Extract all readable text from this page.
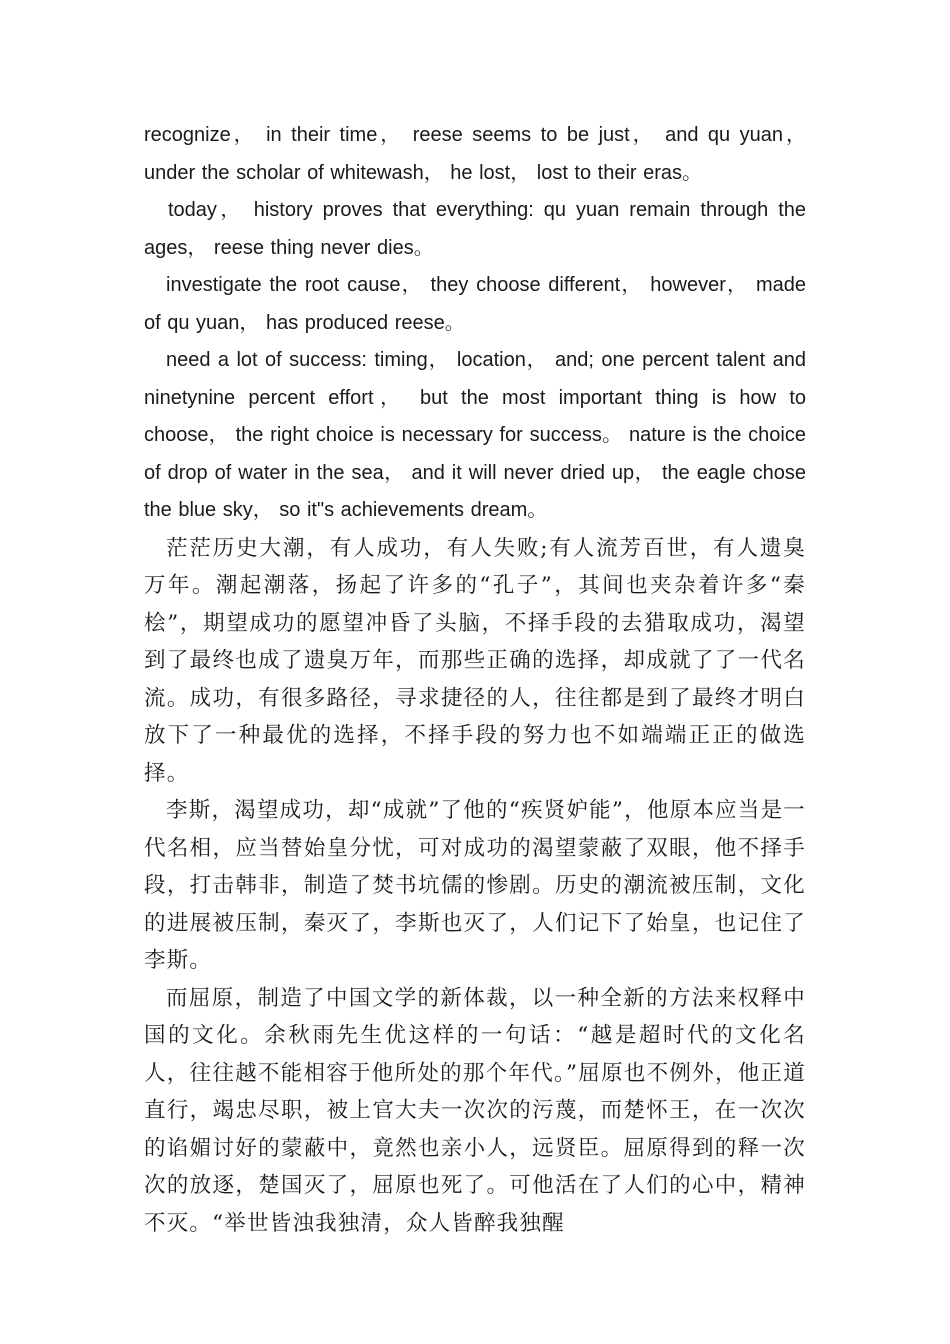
recognize， in their time， reese seems to be just， and qu yuan， under the scholar of whitewash， he lost， lost to their eras。

today， history proves that everything: qu yuan remain through the ages， reese thing never dies。

investigate the root cause， they choose different， however， made of qu yuan， has produced reese。

need a lot of success: timing， location， and; one percent talent and ninetynine percent effort， but the most important thing is how to choose， the right choice is necessary for success。 nature is the choice of drop of water in the sea， and it will never dried up， the eagle chose the blue sky， so it"s achievements dream。

茫茫历史大潮，有人成功，有人失败;有人流芳百世，有人遗臭万年。潮起潮落，扬起了许多的“孔子”，其间也夹杂着许多“秦桧”，期望成功的愿望冲昏了头脑，不择手段的去猎取成功，渴望到了最终也成了遗臭万年，而那些正确的选择，却成就了了一代名流。成功，有很多路径，寻求捷径的人，往往都是到了最终才明白放下了一种最优的选择，不择手段的努力也不如端端正正的做选择。

李斯，渴望成功，却“成就”了他的“疾贤妒能”，他原本应当是一代名相，应当替始皇分忧，可对成功的渴望蒙蔽了双眼，他不择手段，打击韩非，制造了焚书坑儒的惨剧。历史的潮流被压制，文化的进展被压制，秦灭了，李斯也灭了，人们记下了始皇，也记住了李斯。

而屈原，制造了中国文学的新体裁，以一种全新的方法来权释中国的文化。余秋雨先生优这样的一句话：“越是超时代的文化名人，往往越不能相容于他所处的那个年代。”屈原也不例外，他正道直行，竭忠尽职，被上官大夫一次次的污蔑，而楚怀王，在一次次的谄媚讨好的蒙蔽中，竟然也亲小人，远贤臣。屈原得到的释一次次的放逐，楚国灭了，屈原也死了。可他活在了人们的心中，精神不灭。“举世皆浊我独清，众人皆醉我独醒
